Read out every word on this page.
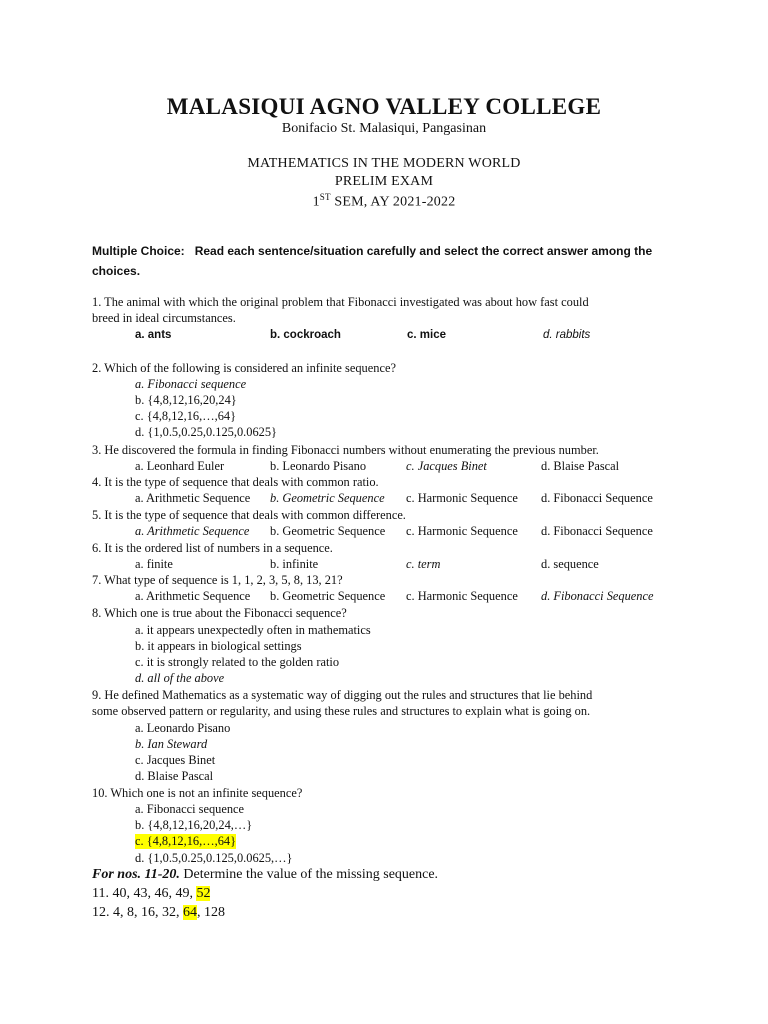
MALASIQUI AGNO VALLEY COLLEGE
Bonifacio St. Malasiqui, Pangasinan
MATHEMATICS IN THE MODERN WORLD
PRELIM EXAM
1ST SEM, AY 2021-2022
Multiple Choice: Read each sentence/situation carefully and select the correct answer among the
choices.
1. The animal with which the original problem that Fibonacci investigated was about how fast could
breed in ideal circumstances.
a. ants	b. cockroach	c. mice	d. rabbits
2. Which of the following is considered an infinite sequence?
a. Fibonacci sequence
b. {4,8,12,16,20,24}
c. {4,8,12,16,…,64}
d. {1,0.5,0.25,0.125,0.0625}
3. He discovered the formula in finding Fibonacci numbers without enumerating the previous number.
a. Leonhard Euler	b. Leonardo Pisano	c. Jacques Binet	d. Blaise Pascal
4. It is the type of sequence that deals with common ratio.
a. Arithmetic Sequence b. Geometric Sequence c. Harmonic Sequence d. Fibonacci Sequence
5. It is the type of sequence that deals with common difference.
a. Arithmetic Sequence b. Geometric Sequence c. Harmonic Sequence d. Fibonacci Sequence
6. It is the ordered list of numbers in a sequence.
a. finite	b. infinite	c. term	d. sequence
7. What type of sequence is 1, 1, 2, 3, 5, 8, 13, 21?
a. Arithmetic Sequence b. Geometric Sequence c. Harmonic Sequence d. Fibonacci Sequence
8. Which one is true about the Fibonacci sequence?
a. it appears unexpectedly often in mathematics
b. it appears in biological settings
c. it is strongly related to the golden ratio
d. all of the above
9. He defined Mathematics as a systematic way of digging out the rules and structures that lie behind
some observed pattern or regularity, and using these rules and structures to explain what is going on.
a. Leonardo Pisano
b. Ian Steward
c. Jacques Binet
d. Blaise Pascal
10. Which one is not an infinite sequence?
a. Fibonacci sequence
b. {4,8,12,16,20,24,…}
c. {4,8,12,16,…,64}
d. {1,0.5,0.25,0.125,0.0625,…}
For nos. 11-20. Determine the value of the missing sequence.
11. 40, 43, 46, 49, 52
12. 4, 8, 16, 32, 64, 128
